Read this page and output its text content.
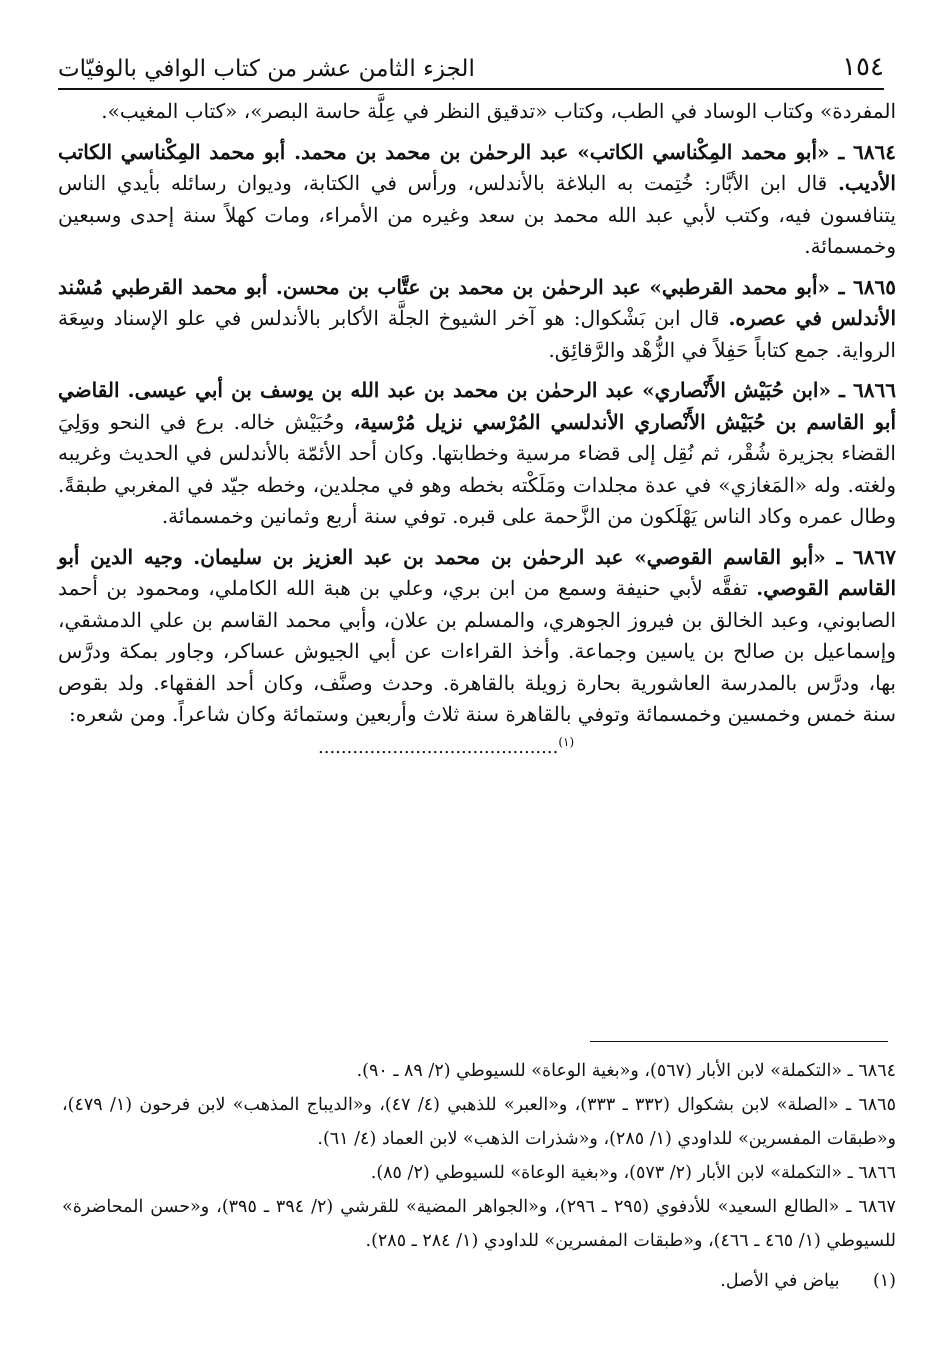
١٥٤
الجزء الثامن عشر من كتاب الوافي بالوفيّات

المفردة» وكتاب الوساد في الطب، وكتاب «تدقيق النظر في عِلَّة حاسة البصر»، «كتاب المغيب».

٦٨٦٤ ـ «أبو محمد المِكْناسي الكاتب» عبد الرحمٰن بن محمد بن محمد. أبو محمد المِكْناسي الكاتب الأديب. قال ابن الأبَّار: خُتِمت به البلاغة بالأندلس، ورأس في الكتابة، وديوان رسائله بأيدي الناس يتنافسون فيه، وكتب لأبي عبد الله محمد بن سعد وغيره من الأمراء، ومات كهلاً سنة إحدى وسبعين وخمسمائة.

٦٨٦٥ ـ «أبو محمد القرطبي» عبد الرحمٰن بن محمد بن عتَّاب بن محسن. أبو محمد القرطبي مُسْند الأندلس في عصره. قال ابن بَشْكوال: هو آخر الشيوخ الجلَّة الأكابر بالأندلس في علو الإسناد وسِعَة الرواية. جمع كتاباً حَفِلاً في الزُّهْد والرَّقائِق.

٦٨٦٦ ـ «ابن حُبَيْش الأَنْصاري» عبد الرحمٰن بن محمد بن عبد الله بن يوسف بن أبي عيسى. القاضي أبو القاسم بن حُبَيْش الأَنْصاري الأندلسي المُرْسي نزيل مُرْسية، وحُبَيْش خاله. برع في النحو ووَلِيَ القضاء بجزيرة شُقْر، ثم نُقِل إلى قضاء مرسية وخطابتها. وكان أحد الأئمّة بالأندلس في الحديث وغريبه ولغته. وله «المَغازي» في عدة مجلدات ومَلَكْته بخطه وهو في مجلدين، وخطه جيّد في المغربي طبقةً. وطال عمره وكاد الناس يَهْلَكون من الزَّحمة على قبره. توفي سنة أربع وثمانين وخمسمائة.

٦٨٦٧ ـ «أبو القاسم القوصي» عبد الرحمٰن بن محمد بن عبد العزيز بن سليمان. وجيه الدين أبو القاسم القوصي. تفقَّه لأبي حنيفة وسمع من ابن بري، وعلي بن هبة الله الكاملي، ومحمود بن أحمد الصابوني، وعبد الخالق بن فيروز الجوهري، والمسلم بن علان، وأبي محمد القاسم بن علي الدمشقي، وإسماعيل بن صالح بن ياسين وجماعة. وأخذ القراءات عن أبي الجيوش عساكر، وجاور بمكة ودرَّس بها، ودرَّس بالمدرسة العاشورية بحارة زويلة بالقاهرة. وحدث وصنَّف، وكان أحد الفقهاء. ولد بقوص سنة خمس وخمسين وخمسمائة وتوفي بالقاهرة سنة ثلاث وأربعين وستمائة وكان شاعراً. ومن شعره:

..........................................$^{(١)}$

٦٨٦٤ ـ «التكملة» لابن الأبار (٥٦٧)، و«بغية الوعاة» للسيوطي (٢/ ٨٩ ـ ٩٠).

٦٨٦٥ ـ «الصلة» لابن بشكوال (٣٣٢ ـ ٣٣٣)، و«العبر» للذهبي (٤/ ٤٧)، و«الديباج المذهب» لابن فرحون (١/ ٤٧٩)، و«طبقات المفسرين» للداودي (١/ ٢٨٥)، و«شذرات الذهب» لابن العماد (٤/ ٦١).

٦٨٦٦ ـ «التكملة» لابن الأبار (٢/ ٥٧٣)، و«بغية الوعاة» للسيوطي (٢/ ٨٥).

٦٨٦٧ ـ «الطالع السعيد» للأدفوي (٢٩٥ ـ ٢٩٦)، و«الجواهر المضية» للقرشي (٢/ ٣٩٤ ـ ٣٩٥)، و«حسن المحاضرة» للسيوطي (١/ ٤٦٥ ـ ٤٦٦)، و«طبقات المفسرين» للداودي (١/ ٢٨٤ ـ ٢٨٥).

(١)      بياض في الأصل.
